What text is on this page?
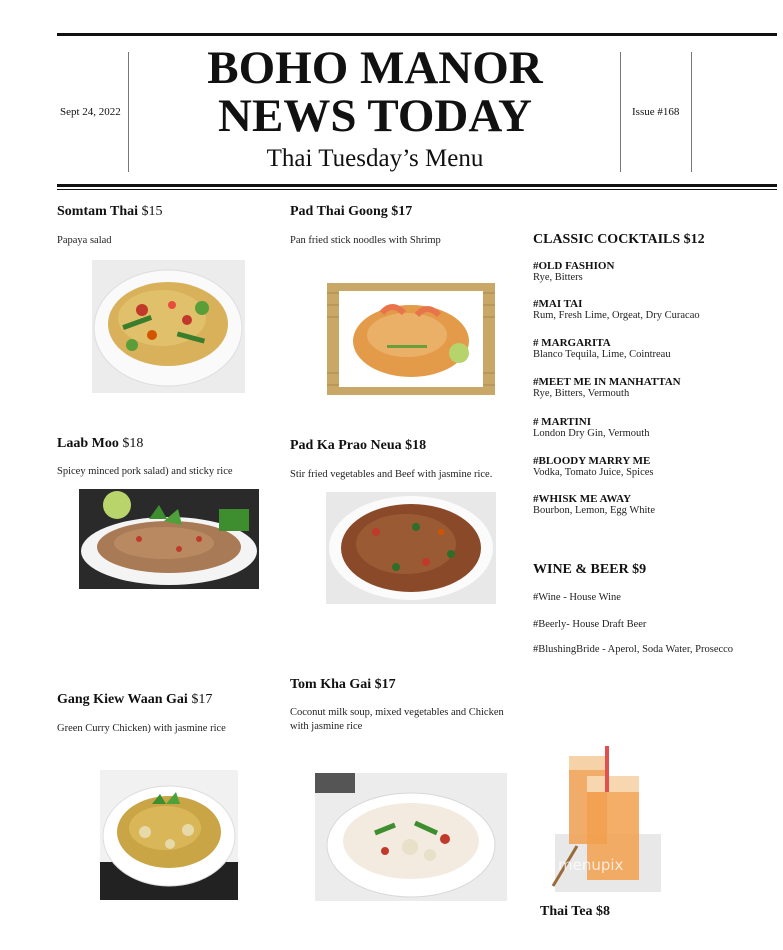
Sept 24, 2022	Issue #168
BOHO MANOR
NEWS TODAY
Thai Tuesday’s Menu
Somtam Thai $15
Papaya salad
Pad Thai Goong $17
Pan fried stick noodles with Shrimp
Laab Moo $18
Spicey minced pork salad) and sticky rice
Pad Ka Prao Neua $18
Stir fried vegetables and Beef with jasmine rice.
Gang Kiew Waan Gai $17
Green Curry Chicken) with jasmine rice
Tom Kha Gai $17
Coconut milk soup, mixed vegetables and Chicken
with jasmine rice
menupix
Thai Tea $8
CLASSIC COCKTAILS $12
#OLD FASHION
Rye, Bitters
#MAI TAI
Rum, Fresh Lime, Orgeat, Dry Curacao
# MARGARITA
Blanco Tequila, Lime, Cointreau
#MEET ME IN MANHATTAN
Rye, Bitters, Vermouth
# MARTINI
London Dry Gin, Vermouth
#BLOODY MARRY ME
Vodka, Tomato Juice, Spices
#WHISK ME AWAY
Bourbon, Lemon, Egg White
WINE & BEER $9
#Wine - House Wine
#Beerly- House Draft Beer
#BlushingBride - Aperol, Soda Water, Prosecco
